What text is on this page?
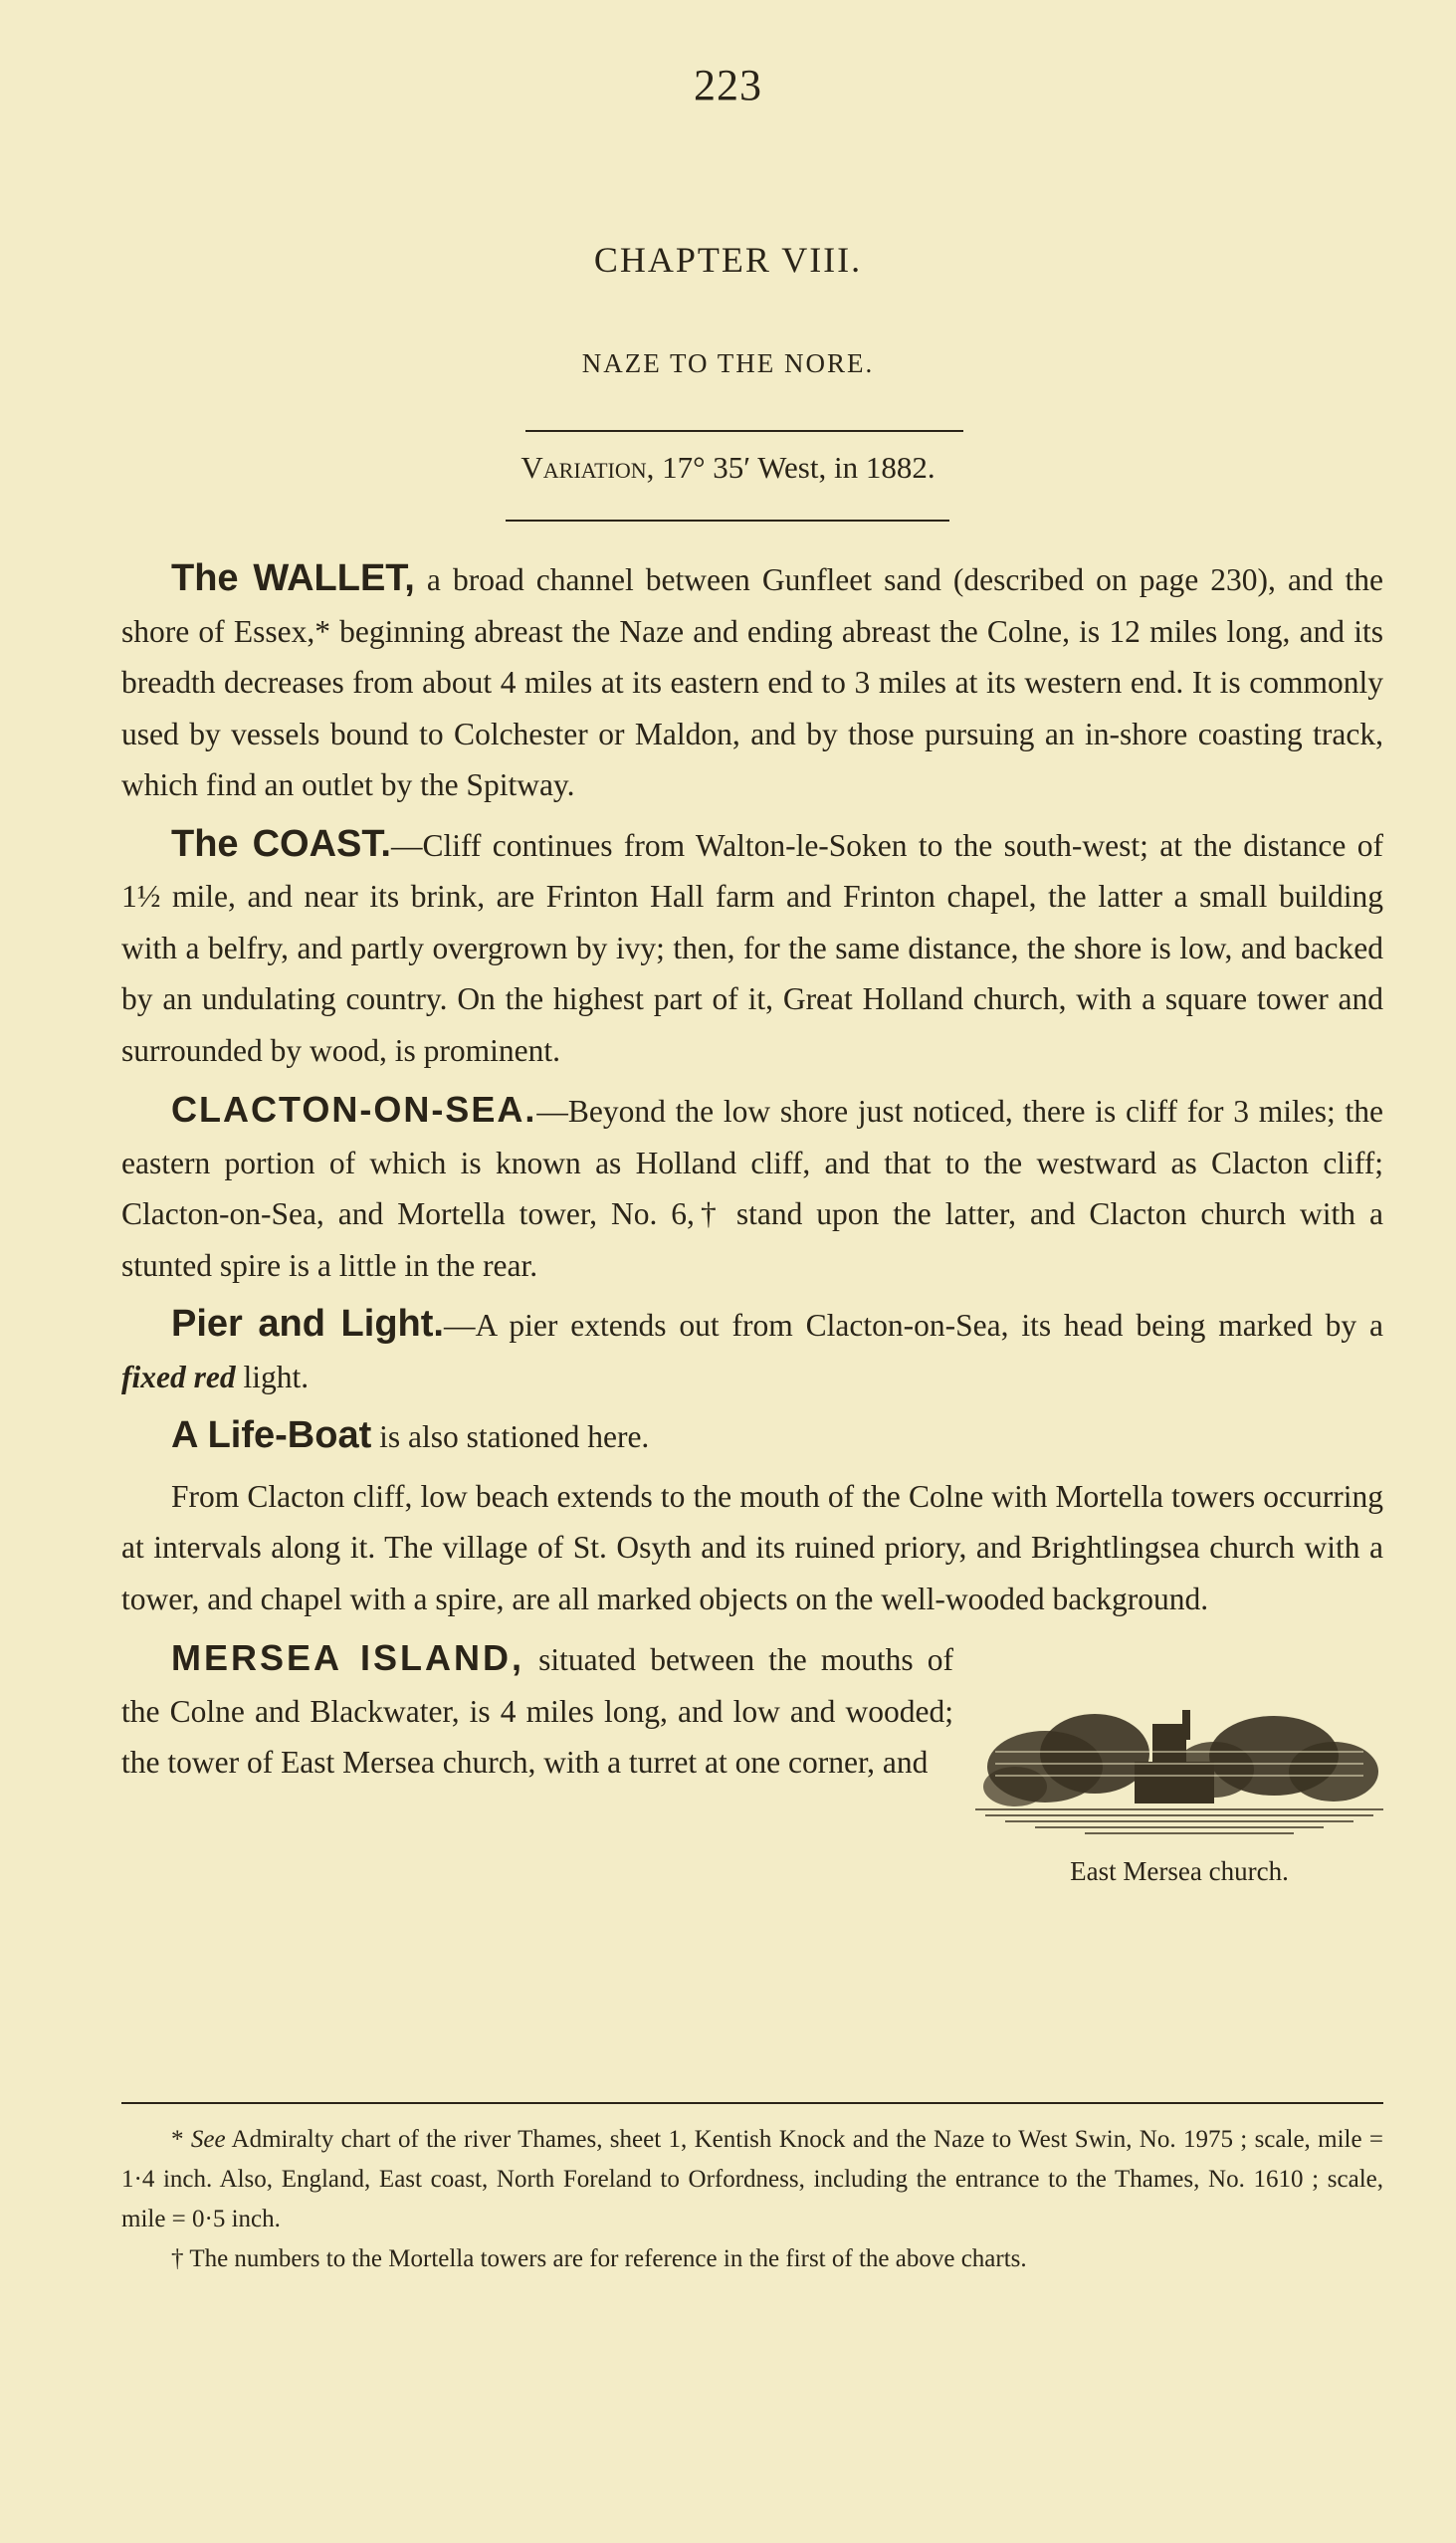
223
CHAPTER VIII.
NAZE TO THE NORE.
Variation, 17° 35′ West, in 1882.

The WALLET, a broad channel between Gunfleet sand (described on page 230), and the shore of Essex,* beginning abreast the Naze and ending abreast the Colne, is 12 miles long, and its breadth decreases from about 4 miles at its eastern end to 3 miles at its western end. It is commonly used by vessels bound to Colchester or Maldon, and by those pursuing an in-shore coasting track, which find an outlet by the Spitway.

The COAST.—Cliff continues from Walton-le-Soken to the south-west; at the distance of 1½ mile, and near its brink, are Frinton Hall farm and Frinton chapel, the latter a small building with a belfry, and partly overgrown by ivy; then, for the same distance, the shore is low, and backed by an undulating country. On the highest part of it, Great Holland church, with a square tower and surrounded by wood, is prominent.

CLACTON-ON-SEA.—Beyond the low shore just noticed, there is cliff for 3 miles; the eastern portion of which is known as Holland cliff, and that to the westward as Clacton cliff; Clacton-on-Sea, and Mortella tower, No. 6,† stand upon the latter, and Clacton church with a stunted spire is a little in the rear.

Pier and Light.—A pier extends out from Clacton-on-Sea, its head being marked by a fixed red light.

A Life-Boat is also stationed here.

From Clacton cliff, low beach extends to the mouth of the Colne with Mortella towers occurring at intervals along it. The village of St. Osyth and its ruined priory, and Brightlingsea church with a tower, and chapel with a spire, are all marked objects on the well-wooded background.

East Mersea church.

MERSEA ISLAND, situated between the mouths of the Colne and Blackwater, is 4 miles long, and low and wooded; the tower of East Mersea church, with a turret at one corner, and

* See Admiralty chart of the river Thames, sheet 1, Kentish Knock and the Naze to West Swin, No. 1975 ; scale, mile = 1·4 inch. Also, England, East coast, North Foreland to Orfordness, including the entrance to the Thames, No. 1610 ; scale, mile = 0·5 inch.

† The numbers to the Mortella towers are for reference in the first of the above charts.
